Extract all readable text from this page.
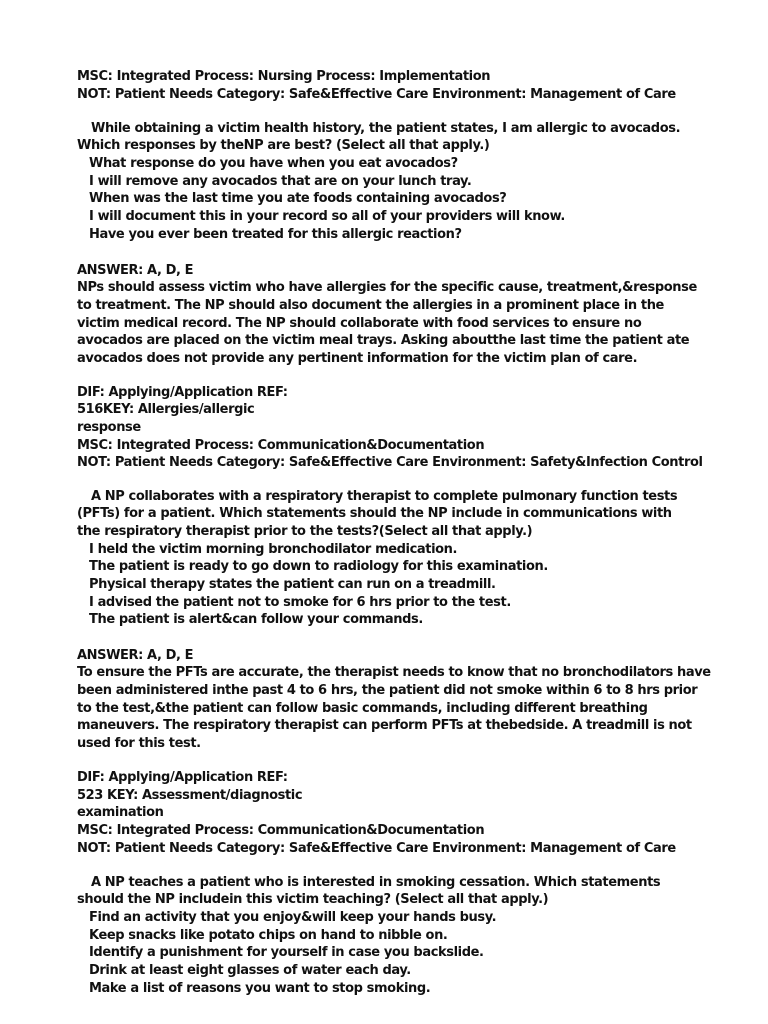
MSC: Integrated Process: Nursing Process: Implementation
NOT: Patient Needs Category: Safe&Effective Care Environment: Management of Care
While obtaining a victim health history, the patient states, I am allergic to avocados.
Which responses by theNP are best? (Select all that apply.)
What response do you have when you eat avocados?
I will remove any avocados that are on your lunch tray.
When was the last time you ate foods containing avocados?
I will document this in your record so all of your providers will know.
Have you ever been treated for this allergic reaction?
ANSWER: A, D, E
NPs should assess victim who have allergies for the specific cause, treatment,&response
to treatment. The NP should also document the allergies in a prominent place in the
victim medical record. The NP should collaborate with food services to ensure no
avocados are placed on the victim meal trays. Asking aboutthe last time the patient ate
avocados does not provide any pertinent information for the victim plan of care.
DIF: Applying/Application REF:
516KEY: Allergies/allergic
response
MSC: Integrated Process: Communication&Documentation
NOT: Patient Needs Category: Safe&Effective Care Environment: Safety&Infection Control
A NP collaborates with a respiratory therapist to complete pulmonary function tests
(PFTs) for a patient. Which statements should the NP include in communications with
the respiratory therapist prior to the tests?(Select all that apply.)
I held the victim morning bronchodilator medication.
The patient is ready to go down to radiology for this examination.
Physical therapy states the patient can run on a treadmill.
I advised the patient not to smoke for 6 hrs prior to the test.
The patient is alert&can follow your commands.
ANSWER: A, D, E
To ensure the PFTs are accurate, the therapist needs to know that no bronchodilators have
been administered inthe past 4 to 6 hrs, the patient did not smoke within 6 to 8 hrs prior
to the test,&the patient can follow basic commands, including different breathing
maneuvers. The respiratory therapist can perform PFTs at thebedside. A treadmill is not
used for this test.
DIF: Applying/Application REF:
523 KEY: Assessment/diagnostic
examination
MSC: Integrated Process: Communication&Documentation
NOT: Patient Needs Category: Safe&Effective Care Environment: Management of Care
A NP teaches a patient who is interested in smoking cessation. Which statements
should the NP includein this victim teaching? (Select all that apply.)
Find an activity that you enjoy&will keep your hands busy.
Keep snacks like potato chips on hand to nibble on.
Identify a punishment for yourself in case you backslide.
Drink at least eight glasses of water each day.
Make a list of reasons you want to stop smoking.
